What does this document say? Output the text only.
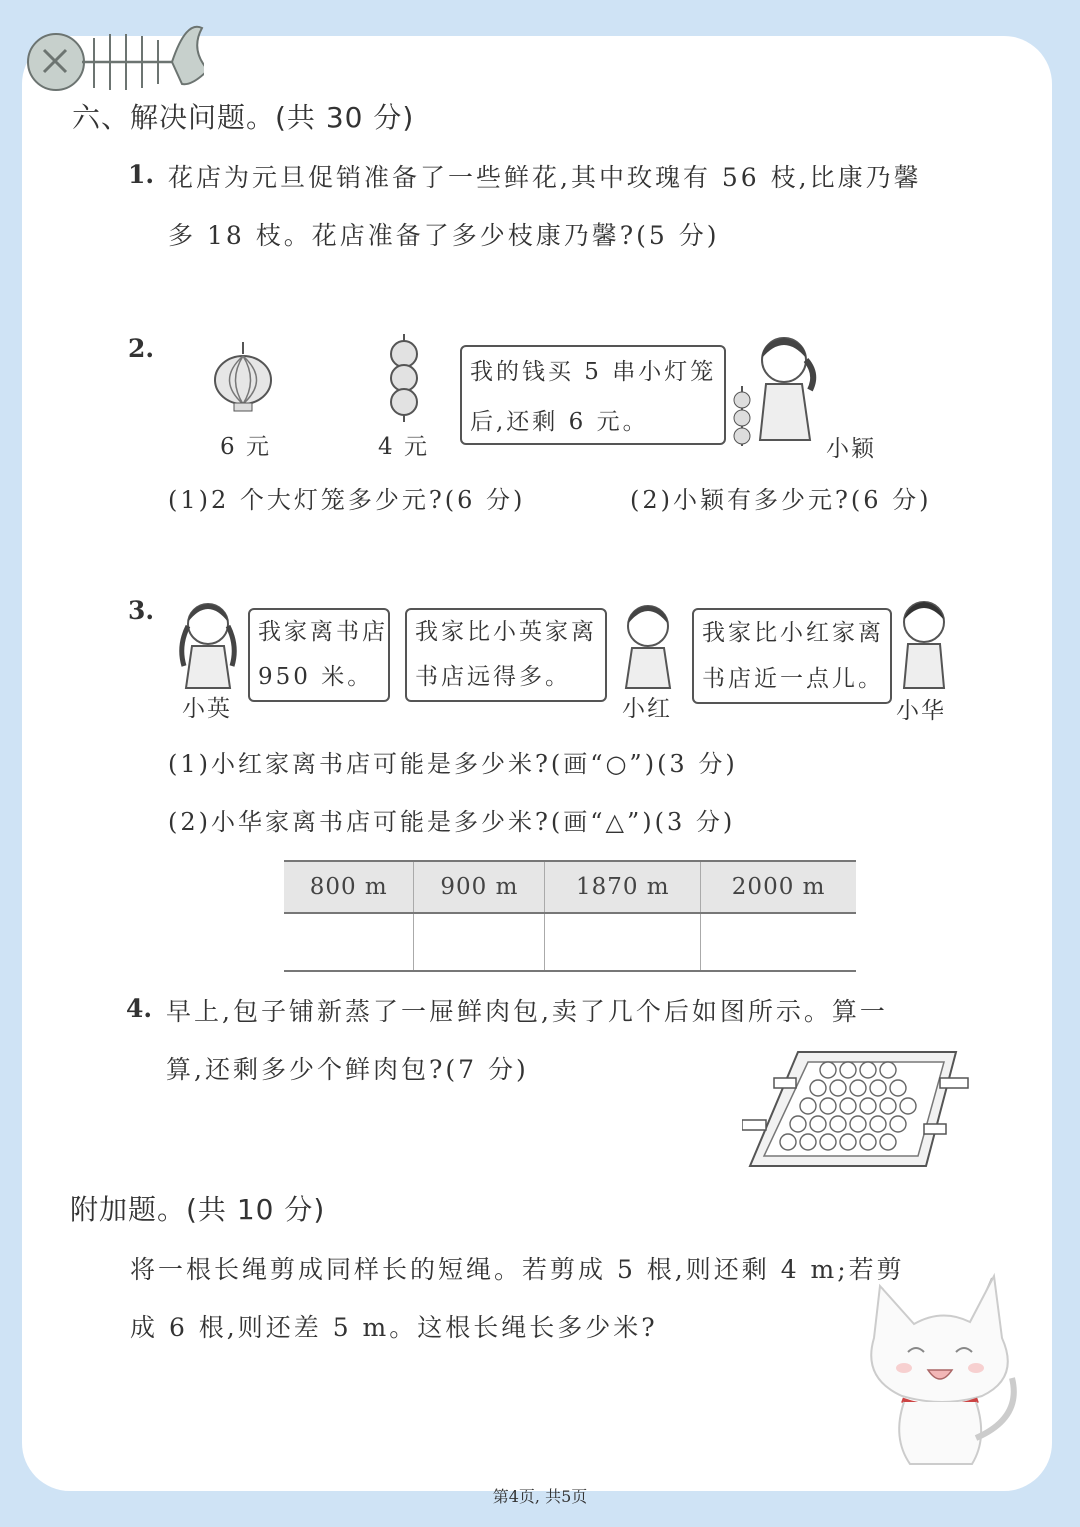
六、解决问题。(共 30 分)
1. 花店为元旦促销准备了一些鲜花,其中玫瑰有 56 枝,比康乃馨
多 18 枝。花店准备了多少枝康乃馨?(5 分)
2.
6 元	4 元
我的钱买 5 串小灯笼
后,还剩 6 元。
小颖
(1)2 个大灯笼多少元?(6 分)	(2)小颖有多少元?(6 分)
3.
小英
我家离书店
950 米。
我家比小英家离
书店远得多。
小红
我家比小红家离
书店近一点儿。
小华
(1)小红家离书店可能是多少米?(画“○”)(3 分)
(2)小华家离书店可能是多少米?(画“△”)(3 分)
800 m	900 m	1870 m	2000 m

4. 早上,包子铺新蒸了一屉鲜肉包,卖了几个后如图所示。算一
算,还剩多少个鲜肉包?(7 分)
附加题。(共 10 分)
将一根长绳剪成同样长的短绳。若剪成 5 根,则还剩 4 m;若剪
成 6 根,则还差 5 m。这根长绳长多少米?
第4页, 共5页
